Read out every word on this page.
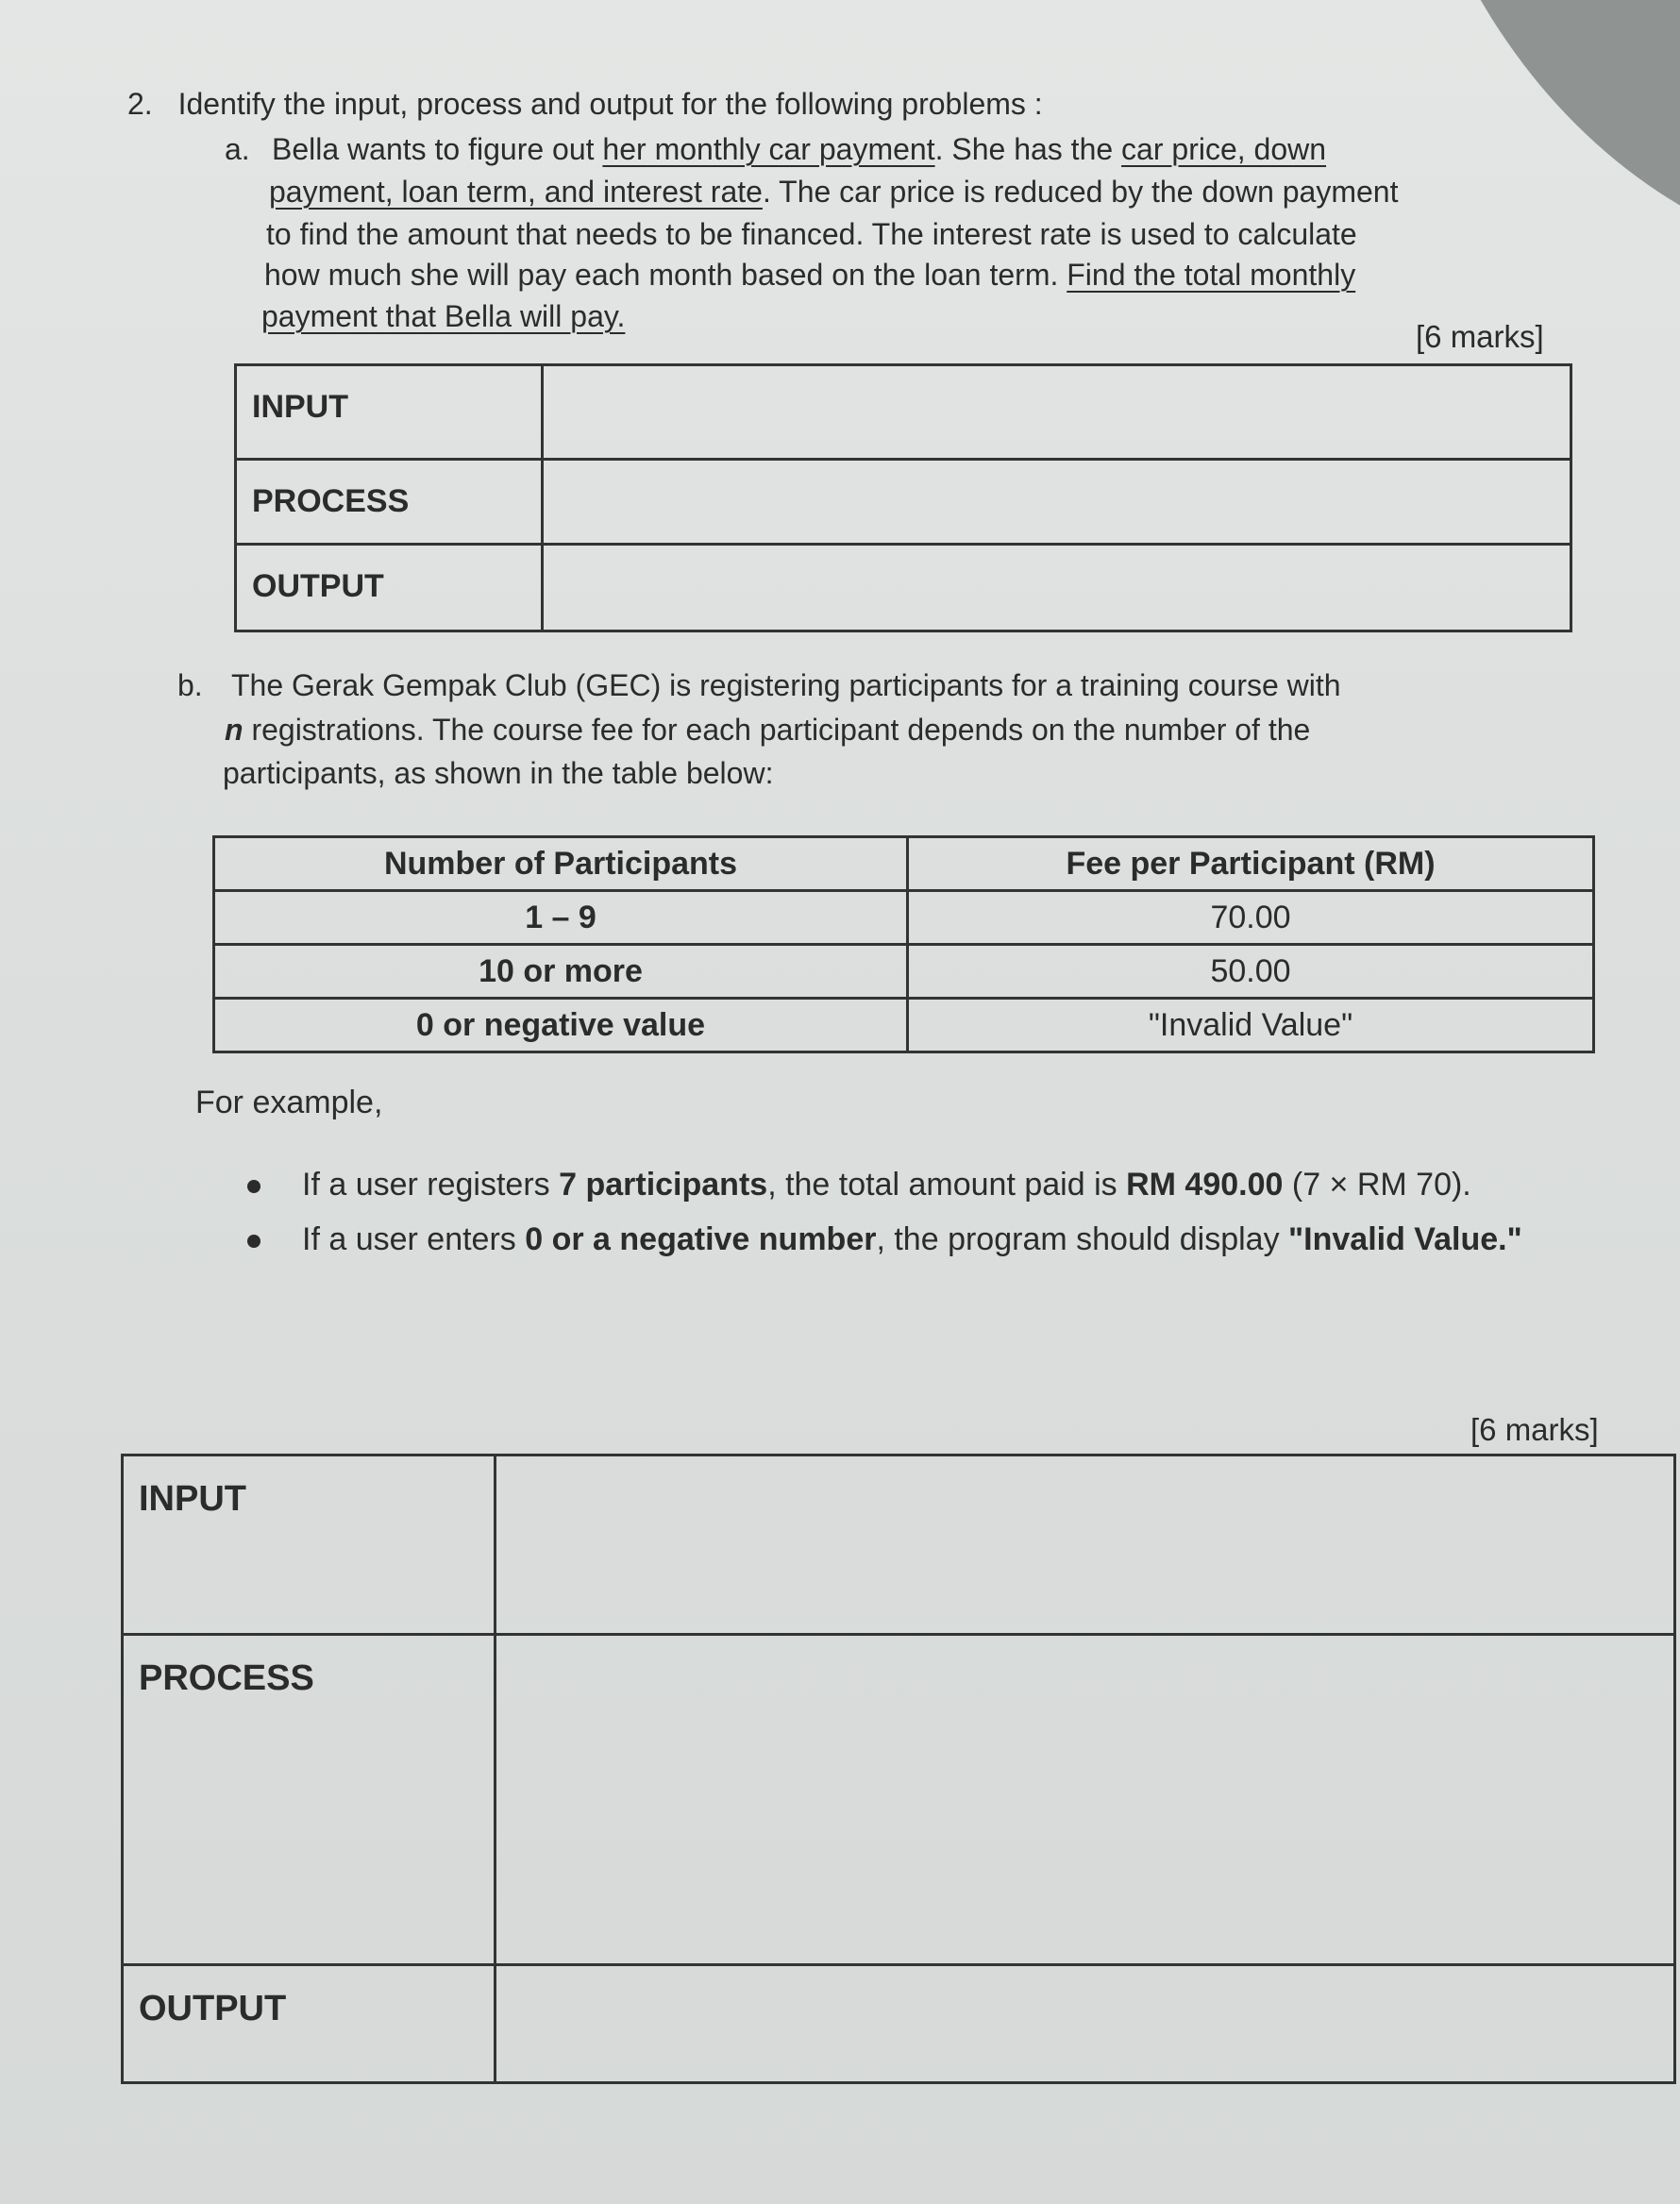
2. Identify the input, process and output for the following problems :
a. Bella wants to figure out her monthly car payment. She has the car price, down
payment, loan term, and interest rate. The car price is reduced by the down payment
to find the amount that needs to be financed. The interest rate is used to calculate
how much she will pay each month based on the loan term. Find the total monthly
payment that Bella will pay.
[6 marks]
INPUT	
PROCESS	
OUTPUT	
b. The Gerak Gempak Club (GEC) is registering participants for a training course with
n registrations. The course fee for each participant depends on the number of the
participants, as shown in the table below:
Number of Participants	Fee per Participant (RM)
1 – 9	70.00
10 or more	50.00
0 or negative value	"Invalid Value"
For example,
If a user registers 7 participants, the total amount paid is RM 490.00 (7 × RM 70).
If a user enters 0 or a negative number, the program should display "Invalid Value."
[6 marks]
INPUT	
PROCESS	
OUTPUT	
